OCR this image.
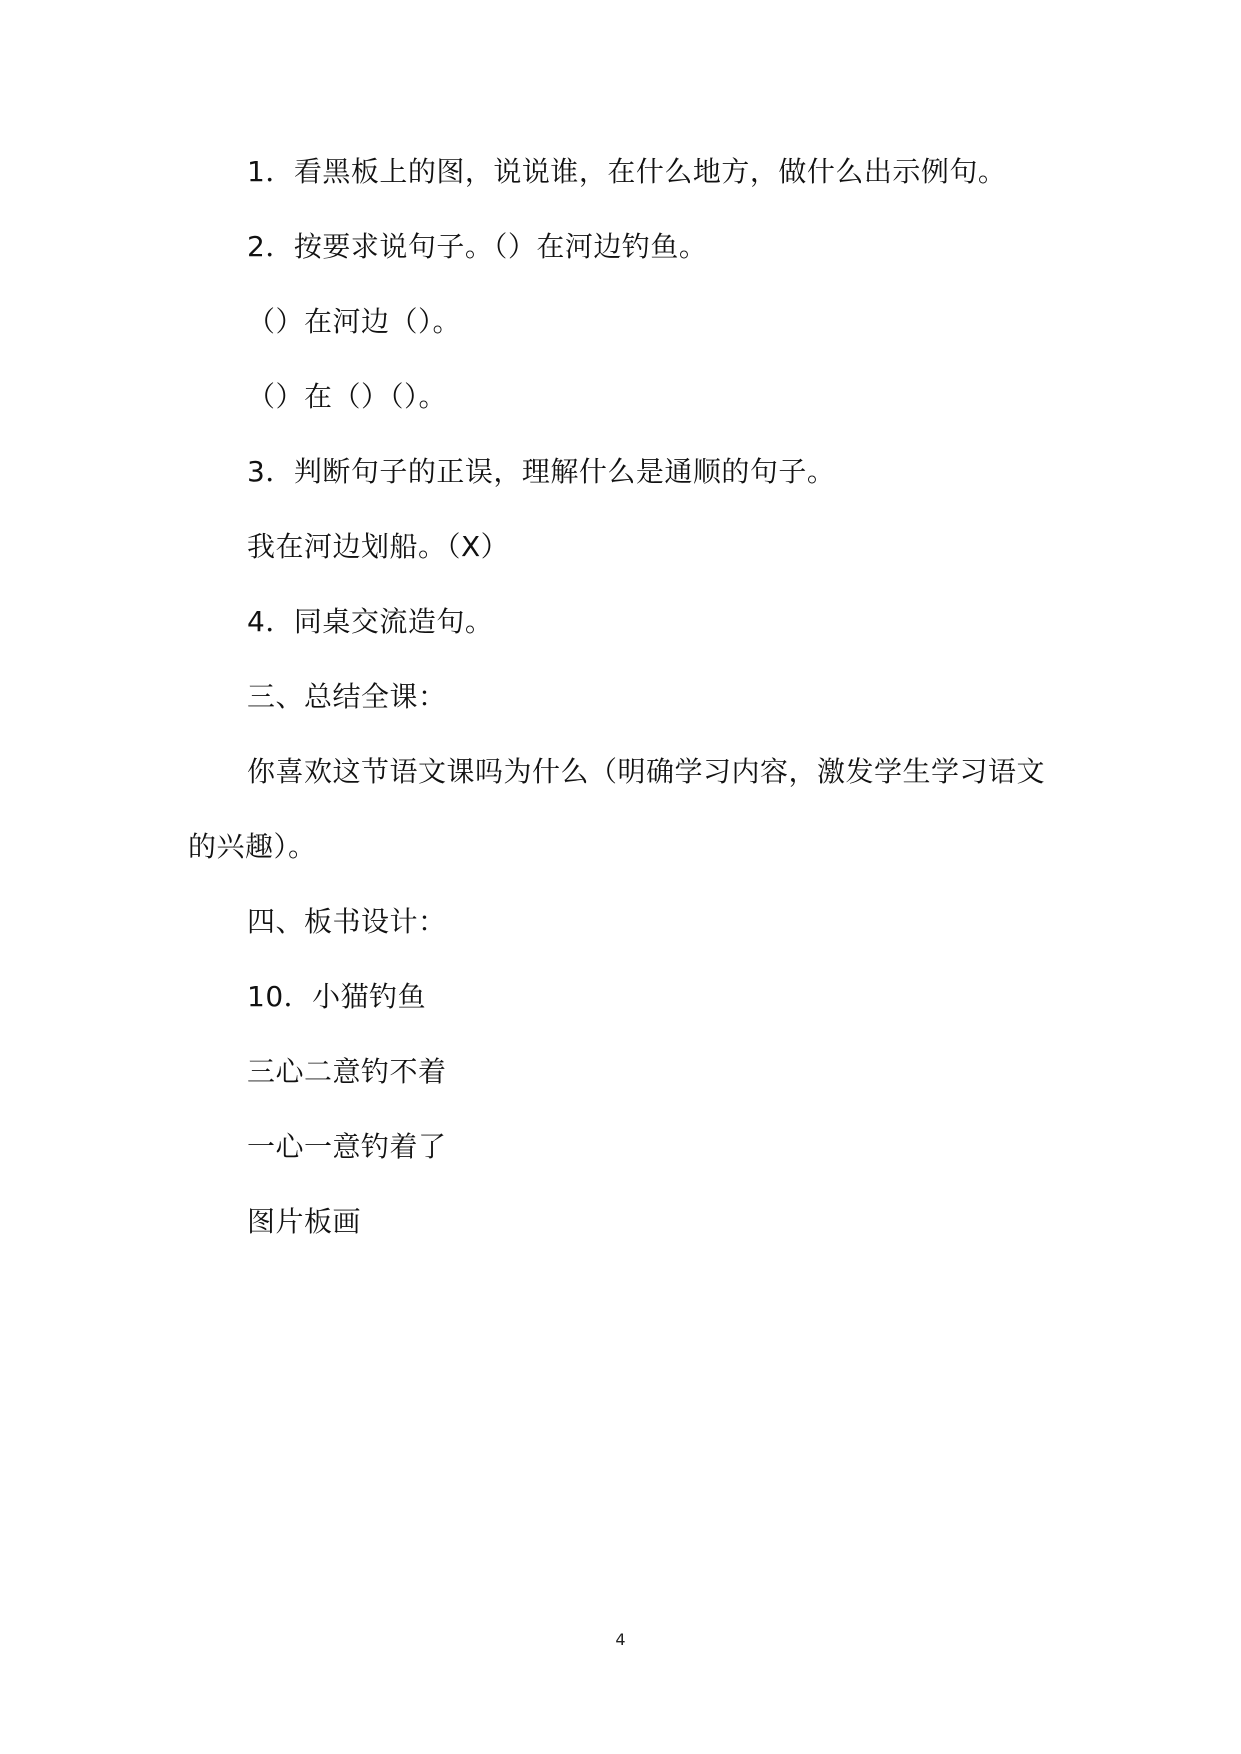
1．看黑板上的图，说说谁，在什么地方，做什么出示例句。
2．按要求说句子。（）在河边钓鱼。
（）在河边（）。
（）在（）（）。
3．判断句子的正误，理解什么是通顺的句子。
我在河边划船。（X）
4．同桌交流造句。
三、总结全课：
你喜欢这节语文课吗为什么（明确学习内容，激发学生学习语文
的兴趣）。
四、板书设计：
10．小猫钓鱼
三心二意钓不着
一心一意钓着了
图片板画
4
